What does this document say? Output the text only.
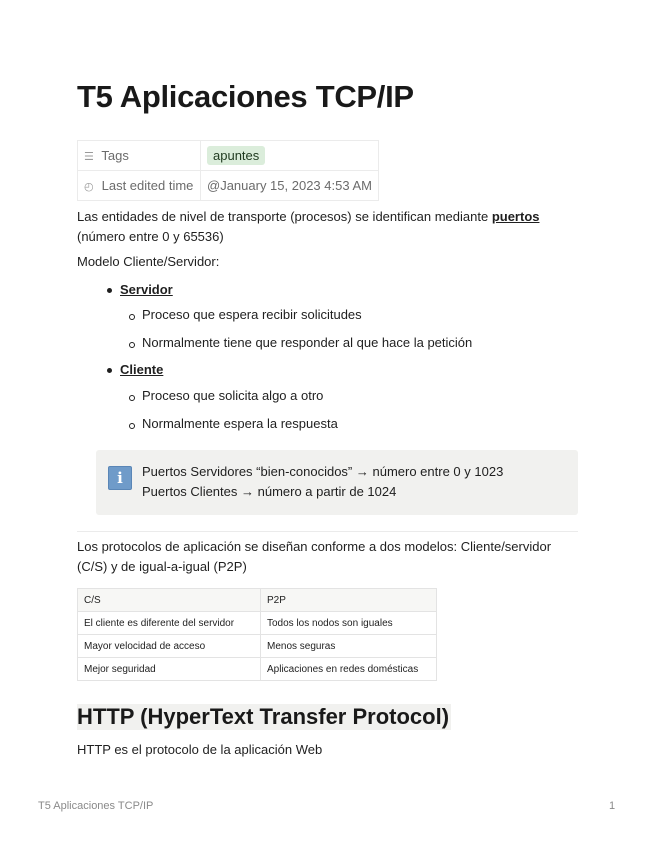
T5 Aplicaciones TCP/IP
☰ Tags	apuntes
◴ Last edited time	@January 15, 2023 4:53 AM
Las entidades de nivel de transporte (procesos) se identifican mediante puertos
(número entre 0 y 65536)
Modelo Cliente/Servidor:
Servidor
Proceso que espera recibir solicitudes
Normalmente tiene que responder al que hace la petición
Cliente
Proceso que solicita algo a otro
Normalmente espera la respuesta
i	Puertos Servidores “bien-conocidos” → número entre 0 y 1023
Puertos Clientes → número a partir de 1024
Los protocolos de aplicación se diseñan conforme a dos modelos: Cliente/servidor
(C/S) y de igual-a-igual (P2P)
C/S	P2P
El cliente es diferente del servidor	Todos los nodos son iguales
Mayor velocidad de acceso	Menos seguras
Mejor seguridad	Aplicaciones en redes domésticas
HTTP (HyperText Transfer Protocol)
HTTP es el protocolo de la aplicación Web
T5 Aplicaciones TCP/IP	1
